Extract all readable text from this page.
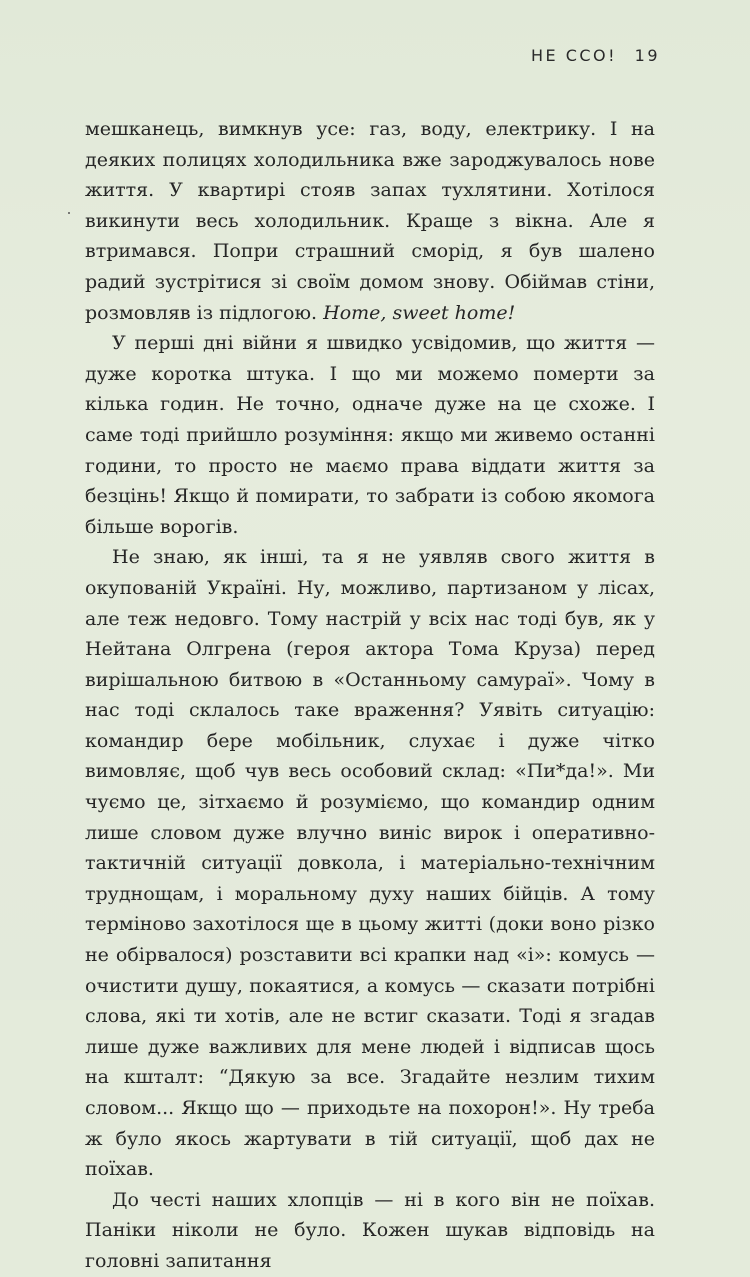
НЕ ССО! 19

мешканець, вимкнув усе: газ, воду, електрику. І на деяких полицях холодильника вже зароджувалось нове життя. У квартирі стояв запах тухлятини. Хотілося викинути весь холодильник. Краще з вікна. Але я втримався. Попри страшний сморід, я був шалено радий зустрітися зі своїм домом знову. Обіймав стіни, розмовляв із підлогою. Home, sweet home!

У перші дні війни я швидко усвідомив, що життя — дуже коротка штука. І що ми можемо померти за кілька годин. Не точно, одначе дуже на це схоже. І саме тоді прийшло розуміння: якщо ми живемо останні години, то просто не маємо права віддати життя за безцінь! Якщо й помирати, то забрати із собою якомога більше ворогів.

Не знаю, як інші, та я не уявляв свого життя в окупованій Україні. Ну, можливо, партизаном у лісах, але теж недовго. Тому настрій у всіх нас тоді був, як у Нейтана Олгрена (героя актора Тома Круза) перед вирішальною битвою в «Останньому самураї». Чому в нас тоді склалось таке враження? Уявіть ситуацію: командир бере мобільник, слухає і дуже чітко вимовляє, щоб чув весь особовий склад: «Пи*да!». Ми чуємо це, зітхаємо й розуміємо, що командир одним лише словом дуже влучно виніс вирок і оперативно-тактичній ситуації довкола, і матеріально-технічним труднощам, і моральному духу наших бійців. А тому терміново захотілося ще в цьому житті (доки воно різко не обірвалося) розставити всі крапки над «і»: комусь — очистити душу, покаятися, а комусь — сказати потрібні слова, які ти хотів, але не встиг сказати. Тоді я згадав лише дуже важливих для мене людей і відписав щось на кшталт: “Дякую за все. Згадайте незлим тихим словом... Якщо що — приходьте на похорон!». Ну треба ж було якось жартувати в тій ситуації, щоб дах не поїхав.

До честі наших хлопців — ні в кого він не поїхав. Паніки ніколи не було. Кожен шукав відповідь на головні запитання
